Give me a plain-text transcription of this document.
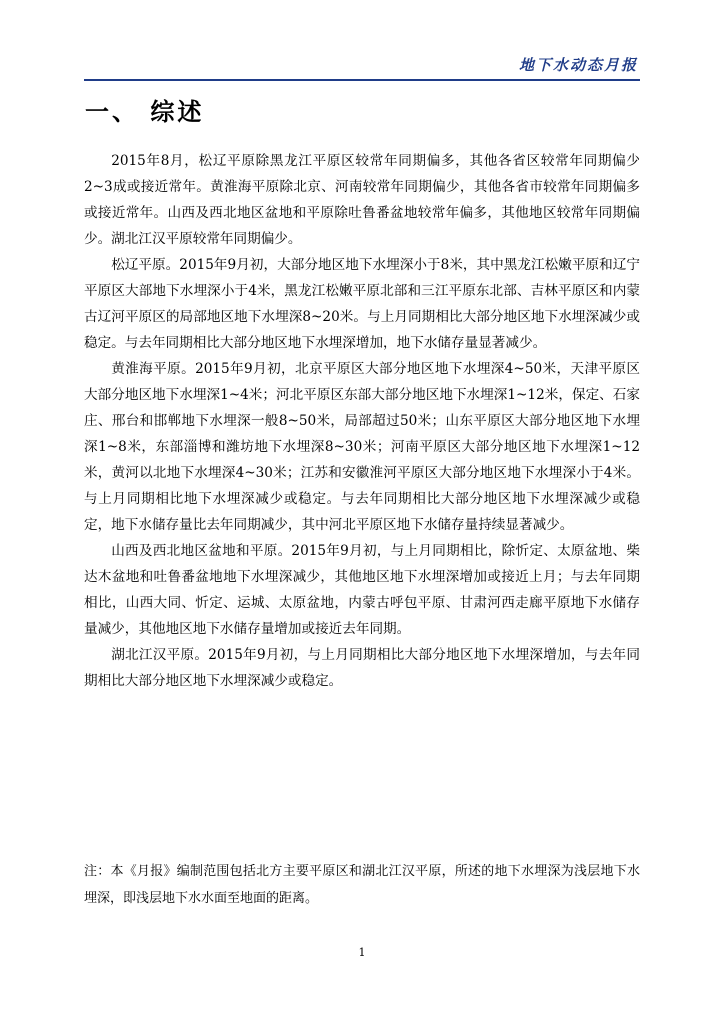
地下水动态月报
一、 综述

2015年8月，松辽平原除黑龙江平原区较常年同期偏多，其他各省区较常年同期偏少2~3成或接近常年。黄淮海平原除北京、河南较常年同期偏少，其他各省市较常年同期偏多或接近常年。山西及西北地区盆地和平原除吐鲁番盆地较常年偏多，其他地区较常年同期偏少。湖北江汉平原较常年同期偏少。

松辽平原。2015年9月初，大部分地区地下水埋深小于8米，其中黑龙江松嫩平原和辽宁平原区大部地下水埋深小于4米，黑龙江松嫩平原北部和三江平原东北部、吉林平原区和内蒙古辽河平原区的局部地区地下水埋深8~20米。与上月同期相比大部分地区地下水埋深减少或稳定。与去年同期相比大部分地区地下水埋深增加，地下水储存量显著减少。

黄淮海平原。2015年9月初，北京平原区大部分地区地下水埋深4~50米，天津平原区大部分地区地下水埋深1~4米；河北平原区东部大部分地区地下水埋深1~12米，保定、石家庄、邢台和邯郸地下水埋深一般8~50米，局部超过50米；山东平原区大部分地区地下水埋深1~8米，东部淄博和潍坊地下水埋深8~30米；河南平原区大部分地区地下水埋深1~12米，黄河以北地下水埋深4~30米；江苏和安徽淮河平原区大部分地区地下水埋深小于4米。与上月同期相比地下水埋深减少或稳定。与去年同期相比大部分地区地下水埋深减少或稳定，地下水储存量比去年同期减少，其中河北平原区地下水储存量持续显著减少。

山西及西北地区盆地和平原。2015年9月初，与上月同期相比，除忻定、太原盆地、柴达木盆地和吐鲁番盆地地下水埋深减少，其他地区地下水埋深增加或接近上月；与去年同期相比，山西大同、忻定、运城、太原盆地，内蒙古呼包平原、甘肃河西走廊平原地下水储存量减少，其他地区地下水储存量增加或接近去年同期。

湖北江汉平原。2015年9月初，与上月同期相比大部分地区地下水埋深增加，与去年同期相比大部分地区地下水埋深减少或稳定。

注：本《月报》编制范围包括北方主要平原区和湖北江汉平原，所述的地下水埋深为浅层地下水埋深，即浅层地下水水面至地面的距离。
1
